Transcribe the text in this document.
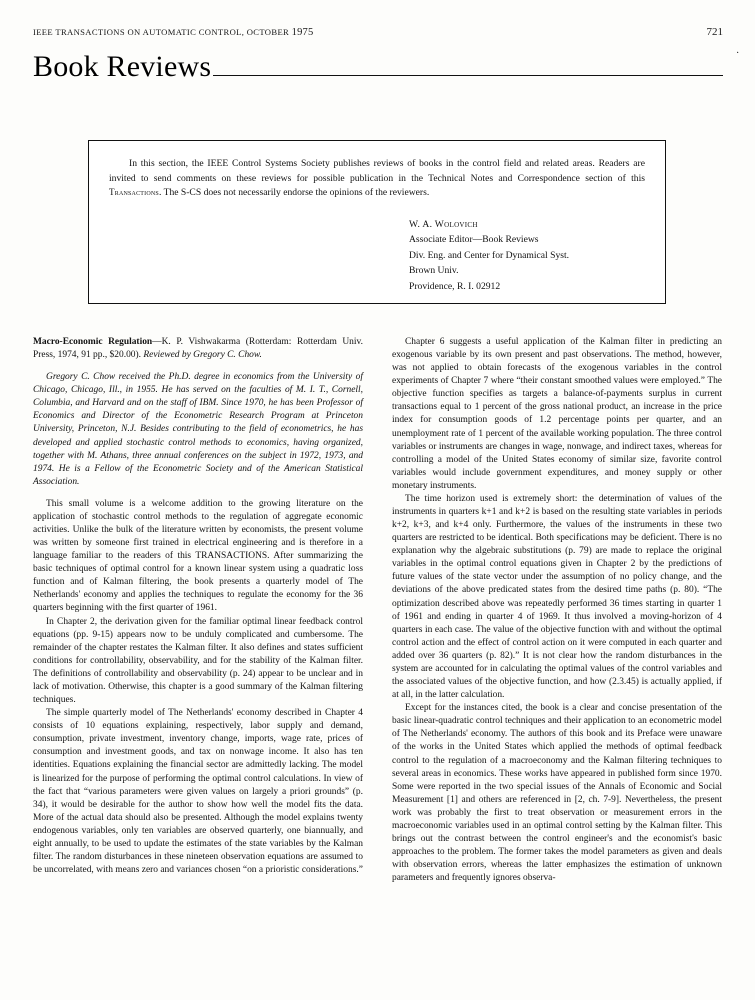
IEEE TRANSACTIONS ON AUTOMATIC CONTROL, OCTOBER 1975	721
.
Book Reviews

In this section, the IEEE Control Systems Society publishes reviews of books in the control field and related areas. Readers are invited to send comments on these reviews for possible publication in the Technical Notes and Correspondence section of this Transactions. The S-CS does not necessarily endorse the opinions of the reviewers.

W. A. Wolovich
Associate Editor—Book Reviews
Div. Eng. and Center for Dynamical Syst.
Brown Univ.
Providence, R. I. 02912

Macro-Economic Regulation—K. P. Vishwakarma (Rotterdam: Rotterdam Univ. Press, 1974, 91 pp., $20.00). Reviewed by Gregory C. Chow.

Gregory C. Chow received the Ph.D. degree in economics from the University of Chicago, Chicago, Ill., in 1955. He has served on the faculties of M. I. T., Cornell, Columbia, and Harvard and on the staff of IBM. Since 1970, he has been Professor of Economics and Director of the Econometric Research Program at Princeton University, Princeton, N.J. Besides contributing to the field of econometrics, he has developed and applied stochastic control methods to economics, having organized, together with M. Athans, three annual conferences on the subject in 1972, 1973, and 1974. He is a Fellow of the Econometric Society and of the American Statistical Association.

This small volume is a welcome addition to the growing literature on the application of stochastic control methods to the regulation of aggregate economic activities. Unlike the bulk of the literature written by economists, the present volume was written by someone first trained in electrical engineering and is therefore in a language familiar to the readers of this TRANSACTIONS. After summarizing the basic techniques of optimal control for a known linear system using a quadratic loss function and of Kalman filtering, the book presents a quarterly model of The Netherlands' economy and applies the techniques to regulate the economy for the 36 quarters beginning with the first quarter of 1961.

In Chapter 2, the derivation given for the familiar optimal linear feedback control equations (pp. 9-15) appears now to be unduly complicated and cumbersome. The remainder of the chapter restates the Kalman filter. It also defines and states sufficient conditions for controllability, observability, and for the stability of the Kalman filter. The definitions of controllability and observability (p. 24) appear to be unclear and in lack of motivation. Otherwise, this chapter is a good summary of the Kalman filtering techniques.

The simple quarterly model of The Netherlands' economy described in Chapter 4 consists of 10 equations explaining, respectively, labor supply and demand, consumption, private investment, inventory change, imports, wage rate, prices of consumption and investment goods, and tax on nonwage income. It also has ten identities. Equations explaining the financial sector are admittedly lacking. The model is linearized for the purpose of performing the optimal control calculations. In view of the fact that “various parameters were given values on largely a priori grounds” (p. 34), it would be desirable for the author to show how well the model fits the data. More of the actual data should also be presented. Although the model explains twenty endogenous variables, only ten variables are observed quarterly, one biannually, and eight annually, to be used to update the estimates of the state variables by the Kalman filter. The random disturbances in these nineteen observation equations are assumed to be uncorrelated, with means zero and variances chosen “on a prioristic considerations.”

Chapter 6 suggests a useful application of the Kalman filter in predicting an exogenous variable by its own present and past observations. The method, however, was not applied to obtain forecasts of the exogenous variables in the control experiments of Chapter 7 where “their constant smoothed values were employed.” The objective function specifies as targets a balance-of-payments surplus in current transactions equal to 1 percent of the gross national product, an increase in the price index for consumption goods of 1.2 percentage points per quarter, and an unemployment rate of 1 percent of the available working population. The three control variables or instruments are changes in wage, nonwage, and indirect taxes, whereas for controlling a model of the United States economy of similar size, favorite control variables would include government expenditures, and money supply or other monetary instruments.

The time horizon used is extremely short: the determination of values of the instruments in quarters k+1 and k+2 is based on the resulting state variables in periods k+2, k+3, and k+4 only. Furthermore, the values of the instruments in these two quarters are restricted to be identical. Both specifications may be deficient. There is no explanation why the algebraic substitutions (p. 79) are made to replace the original variables in the optimal control equations given in Chapter 2 by the predictions of future values of the state vector under the assumption of no policy change, and the deviations of the above predicated states from the desired time paths (p. 80). “The optimization described above was repeatedly performed 36 times starting in quarter 1 of 1961 and ending in quarter 4 of 1969. It thus involved a moving-horizon of 4 quarters in each case. The value of the objective function with and without the optimal control action and the effect of control action on it were computed in each quarter and added over 36 quarters (p. 82).” It is not clear how the random disturbances in the system are accounted for in calculating the optimal values of the control variables and the associated values of the objective function, and how (2.3.45) is actually applied, if at all, in the latter calculation.

Except for the instances cited, the book is a clear and concise presentation of the basic linear-quadratic control techniques and their application to an econometric model of The Netherlands' economy. The authors of this book and its Preface were unaware of the works in the United States which applied the methods of optimal feedback control to the regulation of a macroeconomy and the Kalman filtering techniques to several areas in economics. These works have appeared in published form since 1970. Some were reported in the two special issues of the Annals of Economic and Social Measurement [1] and others are referenced in [2, ch. 7-9]. Nevertheless, the present work was probably the first to treat observation or measurement errors in the macroeconomic variables used in an optimal control setting by the Kalman filter. This brings out the contrast between the control engineer's and the economist's basic approaches to the problem. The former takes the model parameters as given and deals with observation errors, whereas the latter emphasizes the estimation of unknown parameters and frequently ignores observa-
